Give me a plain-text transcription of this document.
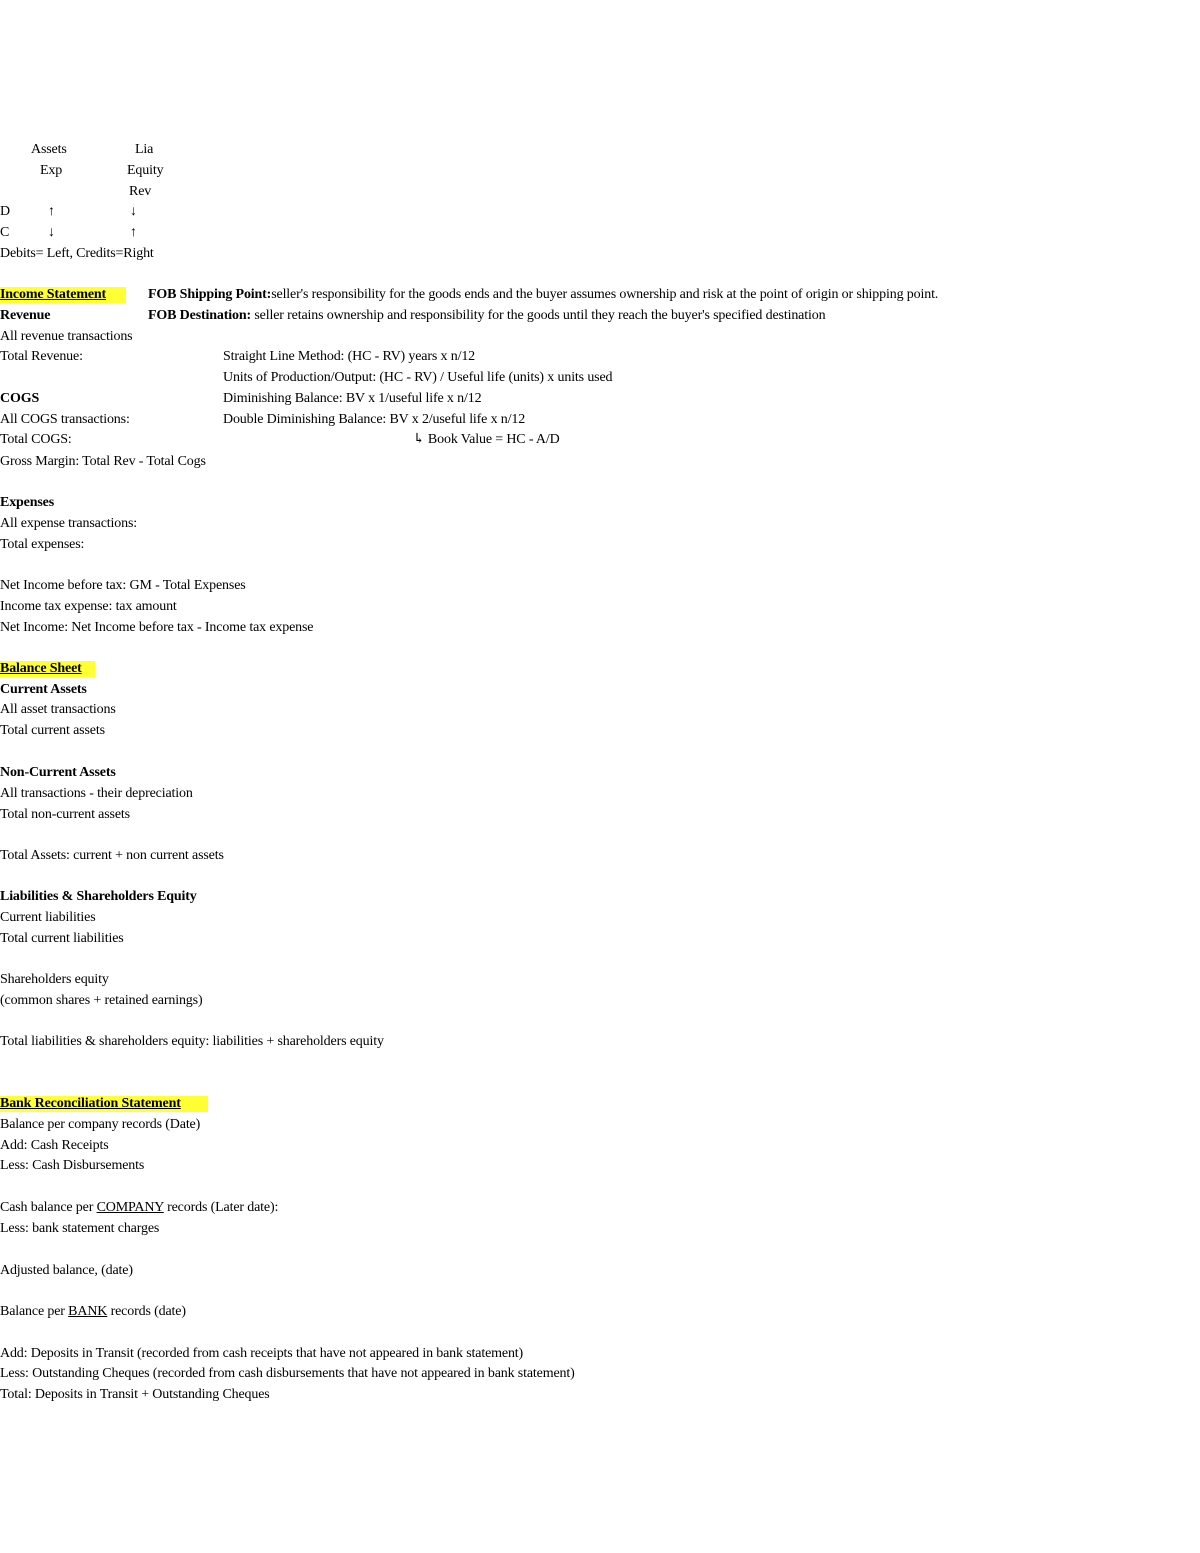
Assets	Lia
Exp	Equity
Rev
D	↑	↓
C	↓	↑
Debits= Left, Credits=Right
Income Statement
Revenue
All revenue transactions
Total Revenue:
COGS
All COGS transactions:
Total COGS:
Gross Margin: Total Rev - Total Cogs
Expenses
All expense transactions:
Total expenses:
Net Income before tax: GM - Total Expenses
Income tax expense: tax amount
Net Income: Net Income before tax - Income tax expense
FOB Shipping Point:seller's responsibility for the goods ends and the buyer assumes ownership and risk at the point of origin or shipping point.
FOB Destination: seller retains ownership and responsibility for the goods until they reach the buyer's specified destination
Straight Line Method: (HC - RV) years x n/12
Units of Production/Output: (HC - RV) / Useful life (units) x units used
Diminishing Balance: BV x 1/useful life x n/12
Double Diminishing Balance: BV x 2/useful life x n/12
↳ Book Value = HC - A/D
Balance Sheet
Current Assets
All asset transactions
Total current assets
Non-Current Assets
All transactions - their depreciation
Total non-current assets
Total Assets: current + non current assets
Liabilities & Shareholders Equity
Current liabilities
Total current liabilities
Shareholders equity
(common shares + retained earnings)
Total liabilities & shareholders equity: liabilities + shareholders equity
Bank Reconciliation Statement
Balance per company records (Date)
Add: Cash Receipts
Less: Cash Disbursements
Cash balance per COMPANY records (Later date):
Less: bank statement charges
Adjusted balance, (date)
Balance per BANK records (date)
Add: Deposits in Transit (recorded from cash receipts that have not appeared in bank statement)
Less: Outstanding Cheques (recorded from cash disbursements that have not appeared in bank statement)
Total: Deposits in Transit + Outstanding Cheques
